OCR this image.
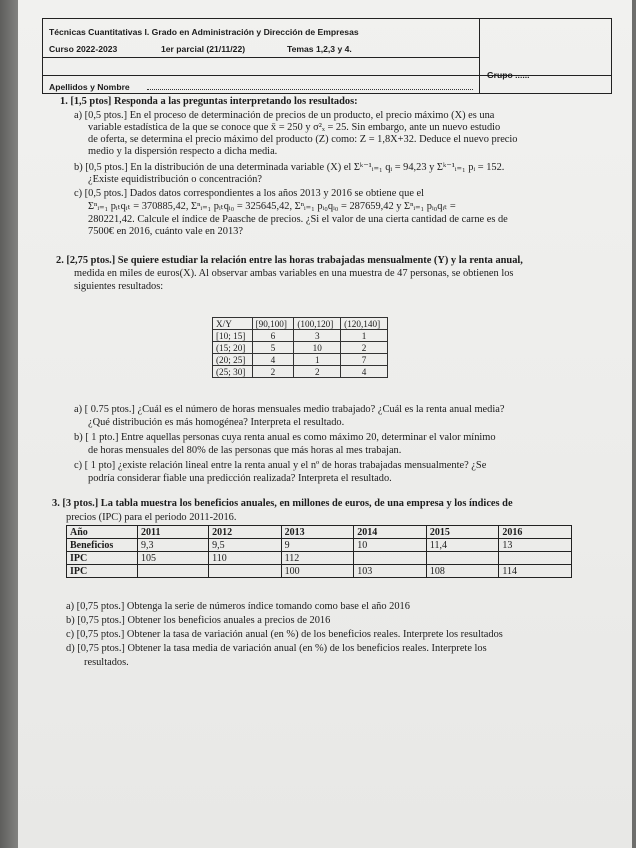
Técnicas Cuantitativas I. Grado en Administración y Dirección de Empresas
Curso 2022-2023	1er parcial (21/11/22)	Temas 1,2,3 y 4.
Apellidos y Nombre
Grupo ......
1. [1,5 ptos] Responda a las preguntas interpretando los resultados:
a) [0,5 ptos.] En el proceso de determinación de precios de un producto, el precio máximo (X) es una
variable estadística de la que se conoce que x̄ = 250 y σ²ₓ = 25. Sin embargo, ante un nuevo estudio
de oferta, se determina el precio máximo del producto (Z) como: Z = 1,8X+32. Deduce el nuevo precio
medio y la dispersión respecto a dicha media.
b) [0,5 ptos.] En la distribución de una determinada variable (X) el Σᵏ⁻¹ᵢ₌₁ qᵢ = 94,23 y Σᵏ⁻¹ᵢ₌₁ pᵢ = 152.
¿Existe equidistribución o concentración?
c) [0,5 ptos.] Dados datos correspondientes a los años 2013 y 2016 se obtiene que el
Σⁿᵢ₌₁ pᵢₜqᵢₜ = 370885,42, Σⁿᵢ₌₁ pᵢₜqᵢ₀ = 325645,42, Σⁿᵢ₌₁ pᵢ₀qᵢ₀ = 287659,42 y Σⁿᵢ₌₁ pᵢ₀qᵢₜ =
280221,42. Calcule el índice de Paasche de precios. ¿Si el valor de una cierta cantidad de carne es de
7500€ en 2016, cuánto vale en 2013?
2. [2,75 ptos.] Se quiere estudiar la relación entre las horas trabajadas mensualmente (Y) y la renta anual,
medida en miles de euros(X). Al observar ambas variables en una muestra de 47 personas, se obtienen los
siguientes resultados:
X/Y	[90,100]	(100,120]	(120,140]
[10; 15]	6	3	1
(15; 20]	5	10	2
(20; 25]	4	1	7
(25; 30]	2	2	4
a) [ 0.75 ptos.] ¿Cuál es el número de horas mensuales medio trabajado? ¿Cuál es la renta anual media?
¿Qué distribución es más homogénea? Interpreta el resultado.
b) [ 1 pto.] Entre aquellas personas cuya renta anual es como máximo 20, determinar el valor mínimo
de horas mensuales del 80% de las personas que más horas al mes trabajan.
c) [ 1 pto] ¿existe relación lineal entre la renta anual y el nº de horas trabajadas mensualmente? ¿Se
podría considerar fiable una predicción realizada? Interpreta el resultado.
3. [3 ptos.] La tabla muestra los beneficios anuales, en millones de euros, de una empresa y los índices de
precios (IPC) para el periodo 2011-2016.
Año	2011	2012	2013	2014	2015	2016
Beneficios	9,3	9,5	9	10	11,4	13
IPC	105	110	112			
IPC			100	103	108	114
a) [0,75 ptos.] Obtenga la serie de números índice tomando como base el año 2016
b) [0,75 ptos.] Obtener los beneficios anuales a precios de 2016
c) [0,75 ptos.] Obtener la tasa de variación anual (en %) de los beneficios reales. Interprete los resultados
d) [0,75 ptos.] Obtener la tasa media de variación anual (en %) de los beneficios reales. Interprete los
resultados.
